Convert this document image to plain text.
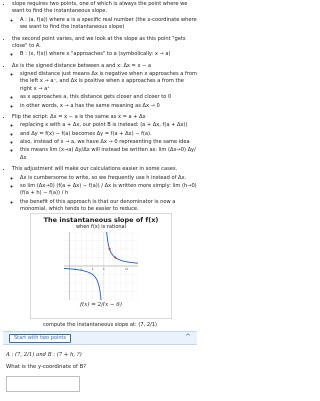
• slope requires two points, one of which is always the point where we want to find the instantaneous slope.
◦ A : (a, f(a)) where a is a specific real number (the x-coordinate where we want to find the instantaneous slope)
• the second point varies, and we look at the slope as this point "gets close" to A.
◦ B : (x, f(x)) where x "approaches" to a (symbolically: x → a)
• Δx is the signed distance between a and x: Δx = x − a
◦ signed distance just means Δx is negative when x approaches a from the left x → a⁻, and Δx is positive when x approaches a from the right x → a⁺
◦ as x approaches a, this distance gets closer and closer to 0
◦ in other words, x → a has the same meaning as Δx → 0
• Flip the script: Δx = x − a is the same as x = a + Δx
◦ replacing x with a + Δx, our point B is instead: (a + Δx, f(a + Δx))
◦ and Δy = f(x) − f(a) becomes Δy = f(a + Δx) − f(a).
◦ also, instead of x → a, we have Δx → 0 representing the same idea
◦ this means lim (x→a) Δy/Δx will instead be written as: lim (Δx→0) Δy/Δx
• This adjustment will make our calculations easier in some cases.
◦ Δx is cumbersome to write, so we frequently use h instead of Δx.
◦ so lim (Δx→0) (f(a + Δx) − f(a)) / Δx is written more simply: lim (h→0) (f(a + h) − f(a)) / h
◦ the benefit of this approach is that our denominator is now a monomial, which tends to be easier to reduce.
The instantaneous slope of f(x)
when f(x) is rational
1 2	4	6	10
f(x) = 2/(x − 6)
compute the instantaneous slope at: (7, 2/1)
Start with two points	^
A : (7, 2/1) and B : (7 + h, ?)
What is the y-coordinate of B?
